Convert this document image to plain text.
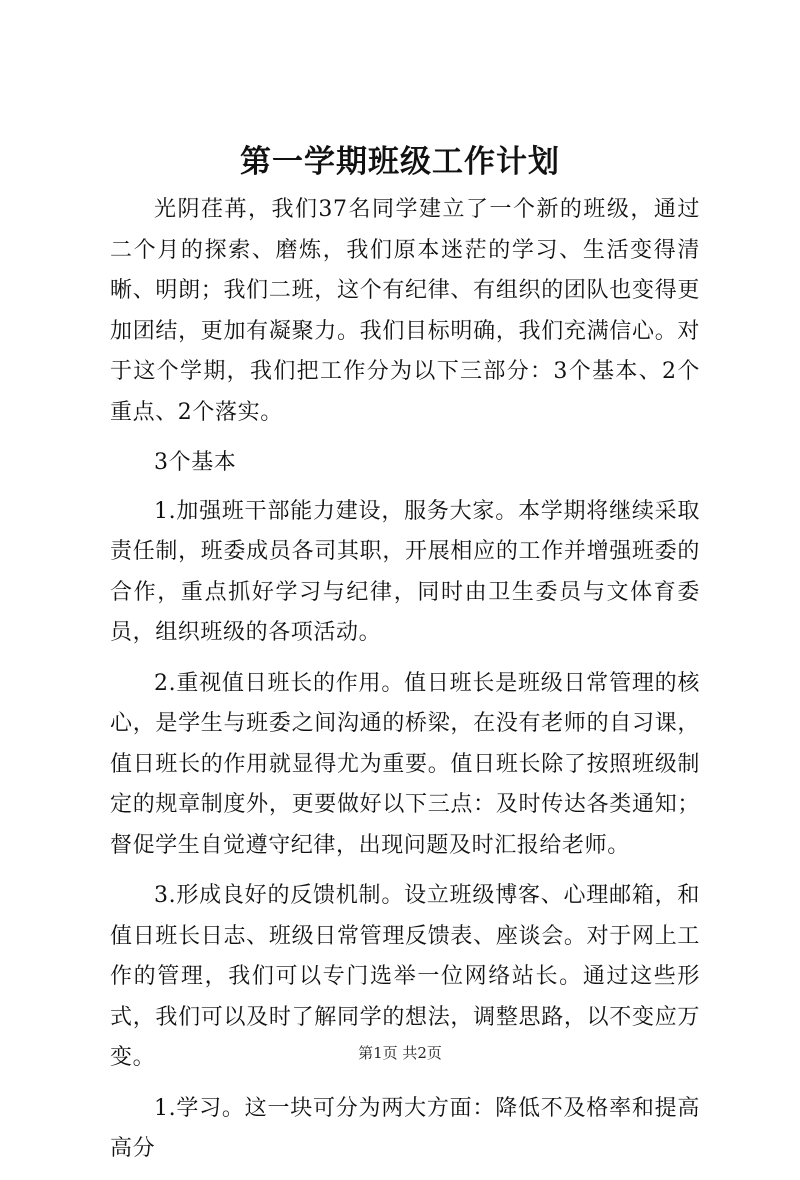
第一学期班级工作计划

光阴荏苒，我们37名同学建立了一个新的班级，通过二个月的探索、磨炼，我们原本迷茫的学习、生活变得清晰、明朗；我们二班，这个有纪律、有组织的团队也变得更加团结，更加有凝聚力。我们目标明确，我们充满信心。对于这个学期，我们把工作分为以下三部分：3个基本、2个重点、2个落实。

3个基本

1.加强班干部能力建设，服务大家。本学期将继续采取责任制，班委成员各司其职，开展相应的工作并增强班委的合作，重点抓好学习与纪律，同时由卫生委员与文体育委员，组织班级的各项活动。

2.重视值日班长的作用。值日班长是班级日常管理的核心，是学生与班委之间沟通的桥梁，在没有老师的自习课，值日班长的作用就显得尤为重要。值日班长除了按照班级制定的规章制度外，更要做好以下三点：及时传达各类通知；督促学生自觉遵守纪律，出现问题及时汇报给老师。

3.形成良好的反馈机制。设立班级博客、心理邮箱，和值日班长日志、班级日常管理反馈表、座谈会。对于网上工作的管理，我们可以专门选举一位网络站长。通过这些形式，我们可以及时了解同学的想法，调整思路，以不变应万变。

1.学习。这一块可分为两大方面：降低不及格率和提高高分

第1页 共2页
